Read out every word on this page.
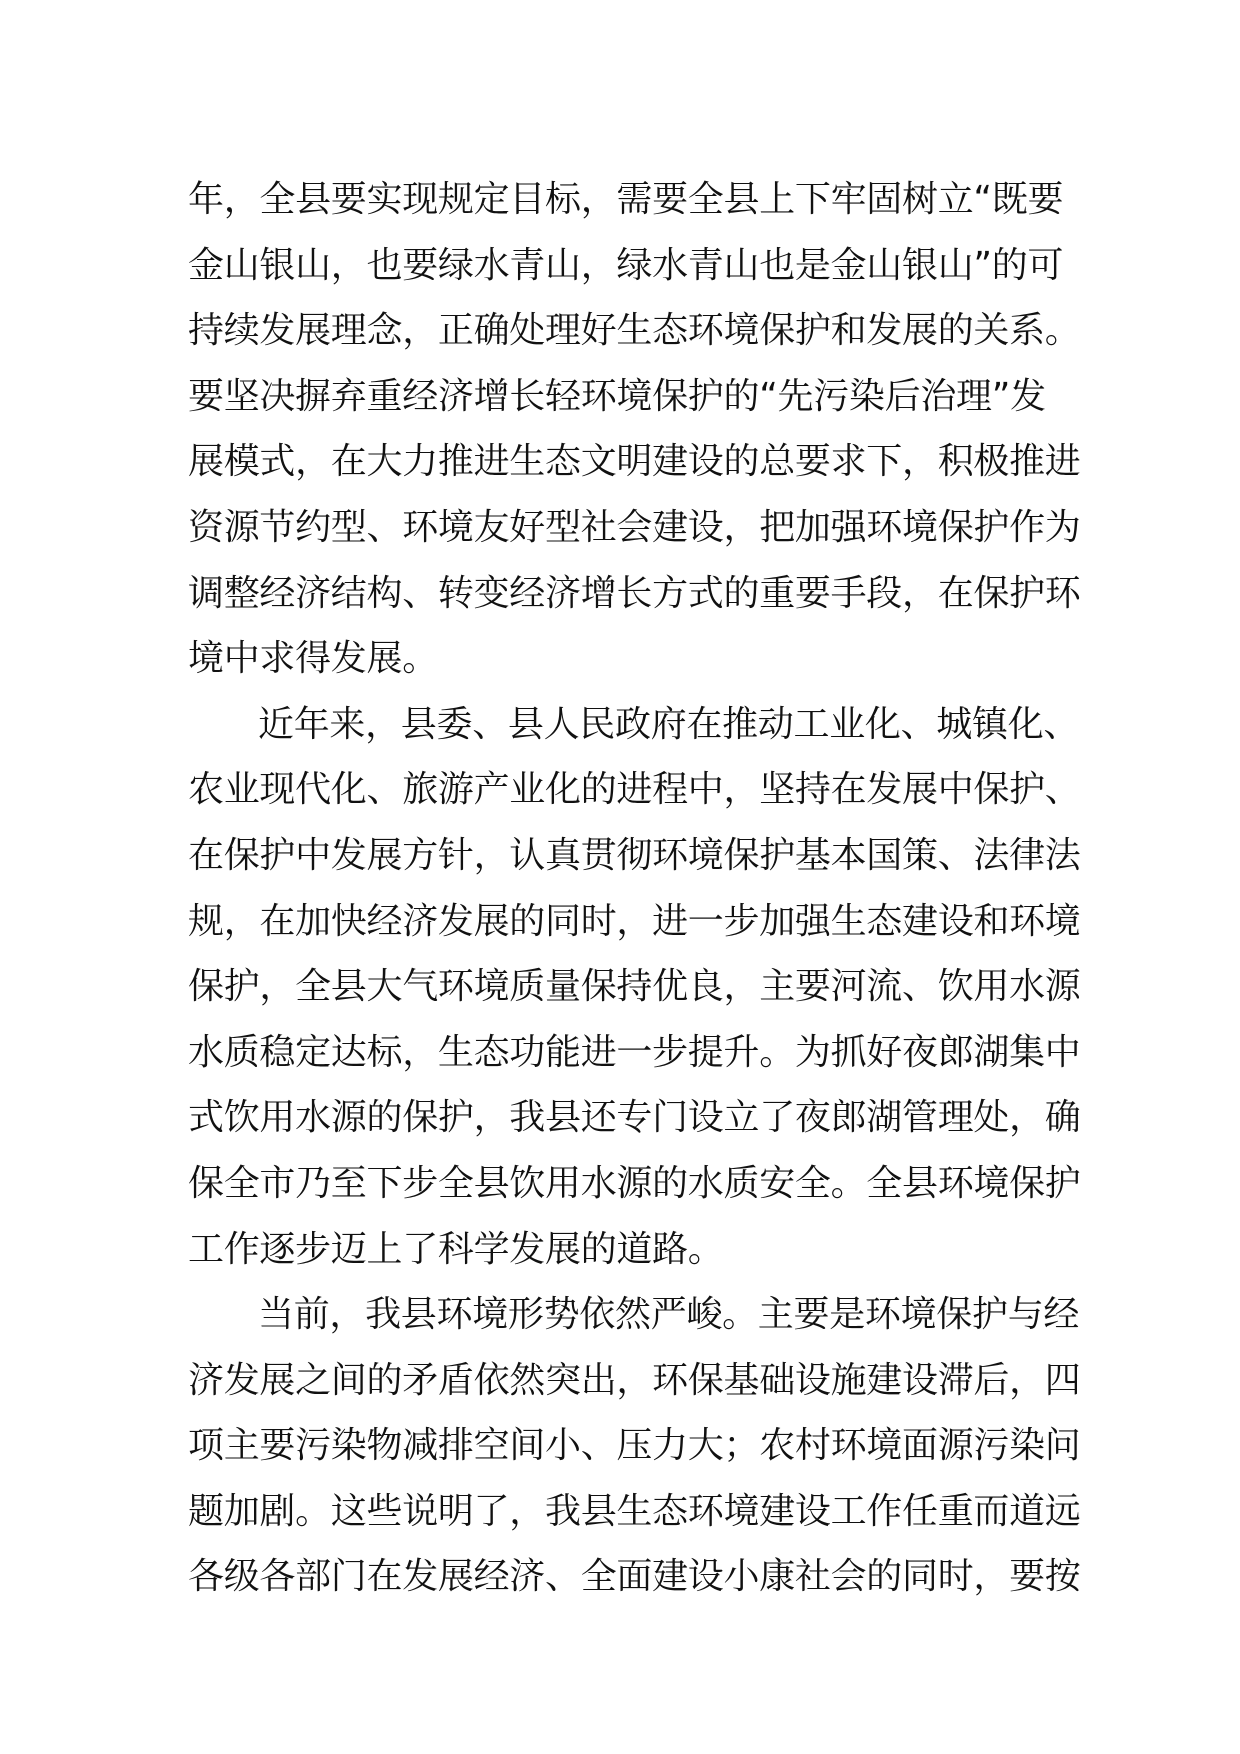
年，全县要实现规定目标，需要全县上下牢固树立“既要
金山银山，也要绿水青山，绿水青山也是金山银山”的可
持续发展理念，正确处理好生态环境保护和发展的关系。
要坚决摒弃重经济增长轻环境保护的“先污染后治理”发
展模式，在大力推进生态文明建设的总要求下，积极推进
资源节约型、环境友好型社会建设，把加强环境保护作为
调整经济结构、转变经济增长方式的重要手段，在保护环
境中求得发展。
近年来，县委、县人民政府在推动工业化、城镇化、
农业现代化、旅游产业化的进程中，坚持在发展中保护、
在保护中发展方针，认真贯彻环境保护基本国策、法律法
规，在加快经济发展的同时，进一步加强生态建设和环境
保护，全县大气环境质量保持优良，主要河流、饮用水源
水质稳定达标，生态功能进一步提升。为抓好夜郎湖集中
式饮用水源的保护，我县还专门设立了夜郎湖管理处，确
保全市乃至下步全县饮用水源的水质安全。全县环境保护
工作逐步迈上了科学发展的道路。
当前，我县环境形势依然严峻。主要是环境保护与经
济发展之间的矛盾依然突出，环保基础设施建设滞后，四
项主要污染物减排空间小、压力大；农村环境面源污染问
题加剧。这些说明了，我县生态环境建设工作任重而道远
各级各部门在发展经济、全面建设小康社会的同时，要按
